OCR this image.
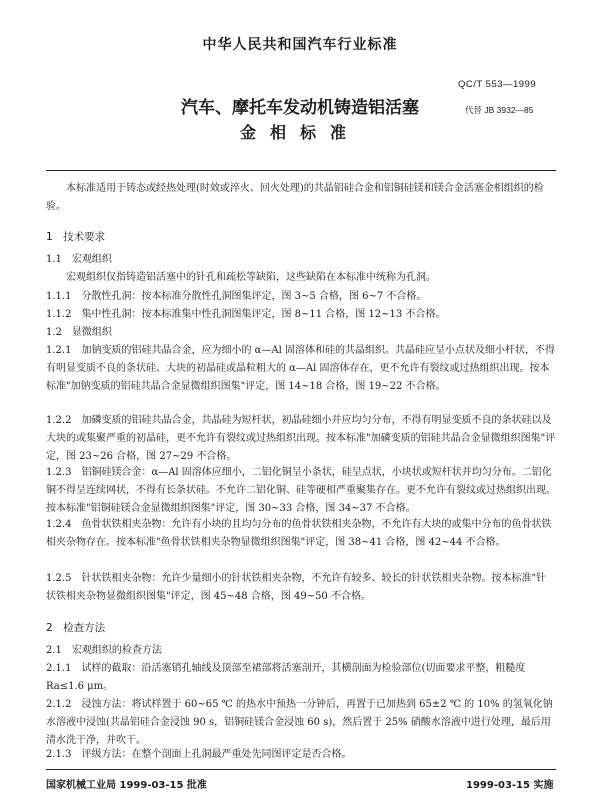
中华人民共和国汽车行业标准
QC/T 553—1999
汽车、摩托车发动机铸造铝活塞	代替 JB 3932—85
金相标准
本标准适用于铸态或经热处理(时效或淬火、回火处理)的共晶铝硅合金和铝铜硅镁和镁合金活塞金相组织的检验。
1　技术要求
1.1　宏观组织
宏观组织仅指铸造铝活塞中的针孔和疏松等缺陷，这些缺陷在本标准中统称为孔洞。
1.1.1　分散性孔洞：按本标准分散性孔洞图集评定，图 3~5 合格，图 6~7 不合格。
1.1.2　集中性孔洞：按本标准集中性孔洞图集评定，图 8~11 合格，图 12~13 不合格。
1.2　显微组织
1.2.1　加钠变质的铝硅共晶合金，应为细小的 α—Al 固溶体和硅的共晶组织。共晶硅应呈小点状及细小杆状，不得有明显变质不良的条状硅、大块的初晶硅或晶粒粗大的 α—Al 固溶体存在，更不允许有裂纹或过热组织出现。按本标准"加钠变质的铝硅共晶合金显微组织图集"评定，图 14~18 合格，图 19~22 不合格。
1.2.2　加磷变质的铝硅共晶合金，共晶硅为短杆状，初晶硅细小并应均匀分布，不得有明显变质不良的条状硅以及大块的或集聚严重的初晶硅，更不允许有裂纹或过热组织出现。按本标准"加磷变质的铝硅共晶合金显微组织图集"评定，图 23~26 合格，图 27~29 不合格。
1.2.3　铝铜硅镁合金：α—Al 固溶体应细小，二铝化铜呈小条状，硅呈点状，小块状或短杆状并均匀分布。二铝化铜不得呈连续网状，不得有长条状硅。不允许二铝化铜、硅等硬相严重聚集存在。更不允许有裂纹或过热组织出现。按本标准"铝铜硅镁合金显微组织图集"评定，图 30~33 合格，图 34~37 不合格。
1.2.4　鱼骨状铁相夹杂物：允许有小块的且均匀分布的鱼骨状铁相夹杂物，不允许有大块的或集中分布的鱼骨状铁相夹杂物存在。按本标准"鱼骨状铁相夹杂物显微组织图集"评定，图 38~41 合格，图 42~44 不合格。
1.2.5　针状铁相夹杂物：允许少量细小的针状铁相夹杂物，不允许有较多、较长的针状铁相夹杂物。按本标准"针状铁相夹杂物显微组织图集"评定，图 45~48 合格，图 49~50 不合格。
2　检查方法
2.1　宏观组织的检查方法
2.1.1　试样的截取：沿活塞销孔轴线及顶部至裙部将活塞剖开，其横剖面为检验部位(切面要求平整，粗糙度 Ra≤1.6 μm。
2.1.2　浸蚀方法：将试样置于 60~65 ℃ 的热水中预热一分钟后，再置于已加热到 65±2 ℃ 的 10% 的氢氧化钠水溶液中浸蚀(共晶铝硅合金浸蚀 90 s，铝铜硅镁合金浸蚀 60 s)，然后置于 25% 硝酸水溶液中进行处理，最后用清水洗干净，并吹干。
2.1.3　评级方法：在整个剖面上孔洞最严重处先同图评定是否合格。
国家机械工业局 1999-03-15 批准	1999-03-15 实施
